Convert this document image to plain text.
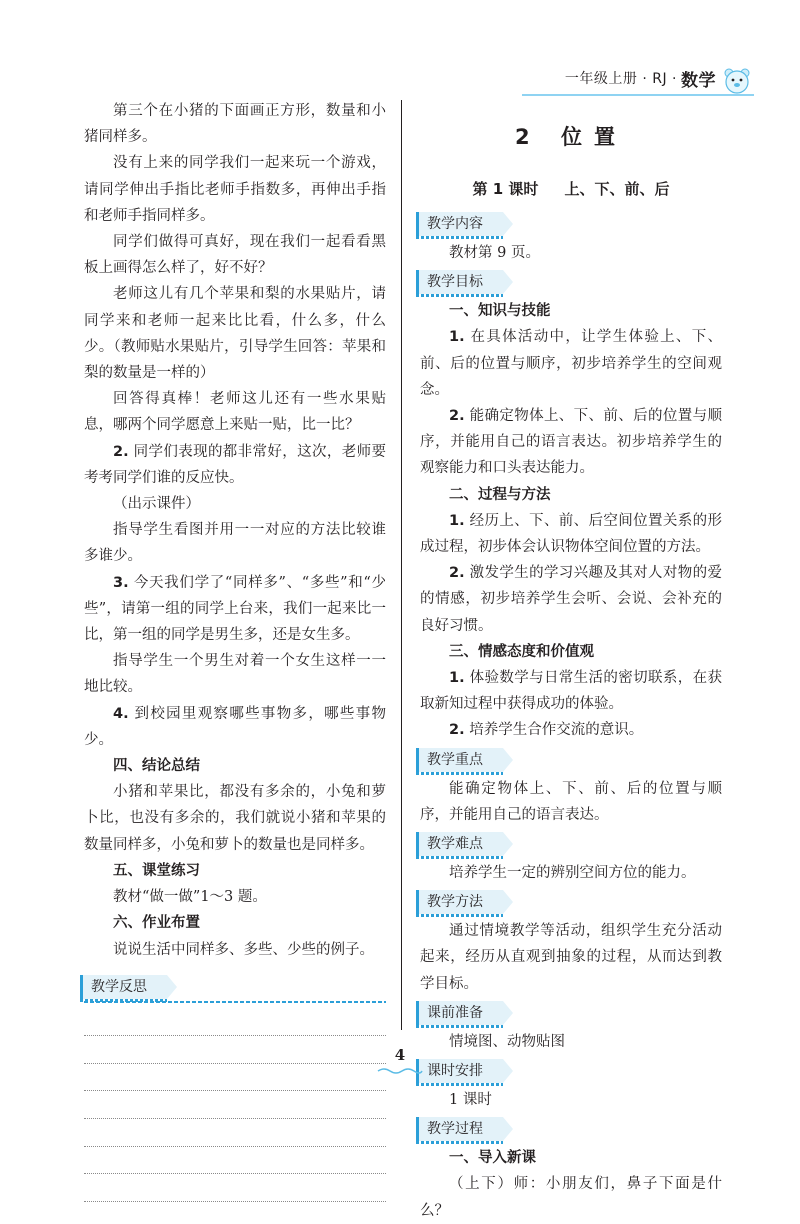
一年级上册 · RJ · 数学

第三个在小猪的下面画正方形，数量和小猪同样多。

没有上来的同学我们一起来玩一个游戏，请同学伸出手指比老师手指数多，再伸出手指和老师手指同样多。

同学们做得可真好，现在我们一起看看黑板上画得怎么样了，好不好？

老师这儿有几个苹果和梨的水果贴片，请同学来和老师一起来比比看，什么多，什么少。（教师贴水果贴片，引导学生回答：苹果和梨的数量是一样的）

回答得真棒！老师这儿还有一些水果贴息，哪两个同学愿意上来贴一贴，比一比？

2. 同学们表现的都非常好，这次，老师要考考同学们谁的反应快。

（出示课件）

指导学生看图并用一一对应的方法比较谁多谁少。

3. 今天我们学了“同样多”、“多些”和“少些”，请第一组的同学上台来，我们一起来比一比，第一组的同学是男生多，还是女生多。

指导学生一个男生对着一个女生这样一一地比较。

4. 到校园里观察哪些事物多，哪些事物少。

四、结论总结

小猪和苹果比，都没有多余的，小兔和萝卜比，也没有多余的，我们就说小猪和苹果的数量同样多，小兔和萝卜的数量也是同样多。

五、课堂练习

教材“做一做”1～3 题。

六、作业布置

说说生活中同样多、多些、少些的例子。

教学反思
2 位置
第 1 课时 上、下、前、后
教学内容

教材第 9 页。

教学目标

一、知识与技能

1. 在具体活动中，让学生体验上、下、前、后的位置与顺序，初步培养学生的空间观念。

2. 能确定物体上、下、前、后的位置与顺序，并能用自己的语言表达。初步培养学生的观察能力和口头表达能力。

二、过程与方法

1. 经历上、下、前、后空间位置关系的形成过程，初步体会认识物体空间位置的方法。

2. 激发学生的学习兴趣及其对人对物的爱的情感，初步培养学生会听、会说、会补充的良好习惯。

三、情感态度和价值观

1. 体验数学与日常生活的密切联系，在获取新知过程中获得成功的体验。

2. 培养学生合作交流的意识。

教学重点

能确定物体上、下、前、后的位置与顺序，并能用自己的语言表达。

教学难点

培养学生一定的辨别空间方位的能力。

教学方法

通过情境教学等活动，组织学生充分活动起来，经历从直观到抽象的过程，从而达到教学目标。

课前准备

情境图、动物贴图

课时安排

1 课时

教学过程

一、导入新课

（上下）师：小朋友们，鼻子下面是什么？

4
